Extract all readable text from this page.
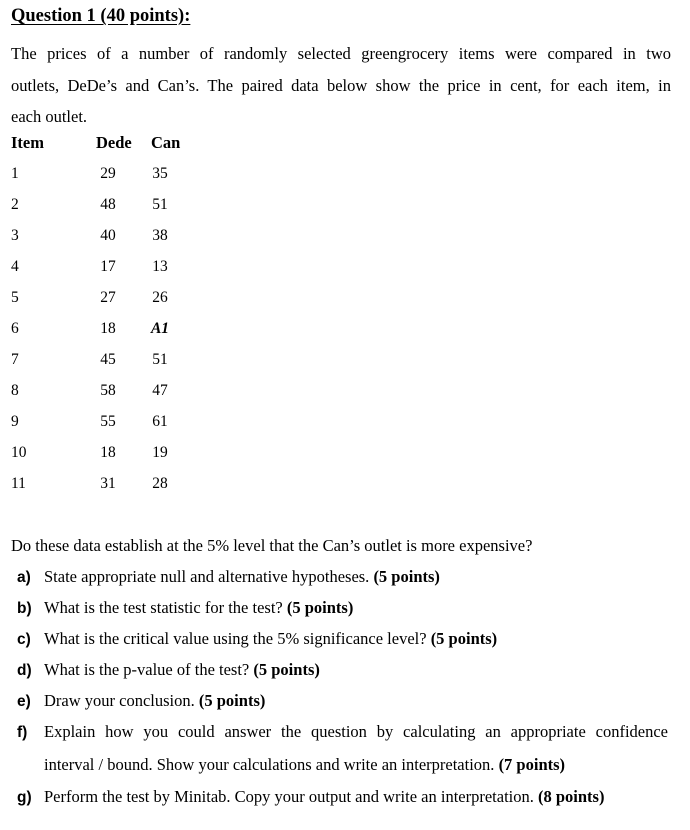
Question 1 (40 points):
The prices of a number of randomly selected greengrocery items were compared in two
outlets, DeDe’s and Can’s. The paired data below show the price in cent, for each item, in
each outlet.
Item	Dede Can
1	29 35
2	48 51
3	40 38
4	17 13
5	27 26
6	18 A1
7	45 51
8	58 47
9	55 61
10	18 19
11	31 28
Do these data establish at the 5% level that the Can’s outlet is more expensive?
a) State appropriate null and alternative hypotheses. (5 points)
b) What is the test statistic for the test? (5 points)
c) What is the critical value using the 5% significance level? (5 points)
d) What is the p-value of the test? (5 points)
e) Draw your conclusion. (5 points)
f) Explain how you could answer the question by calculating an appropriate confidence
interval / bound. Show your calculations and write an interpretation. (7 points)
g) Perform the test by Minitab. Copy your output and write an interpretation. (8 points)
